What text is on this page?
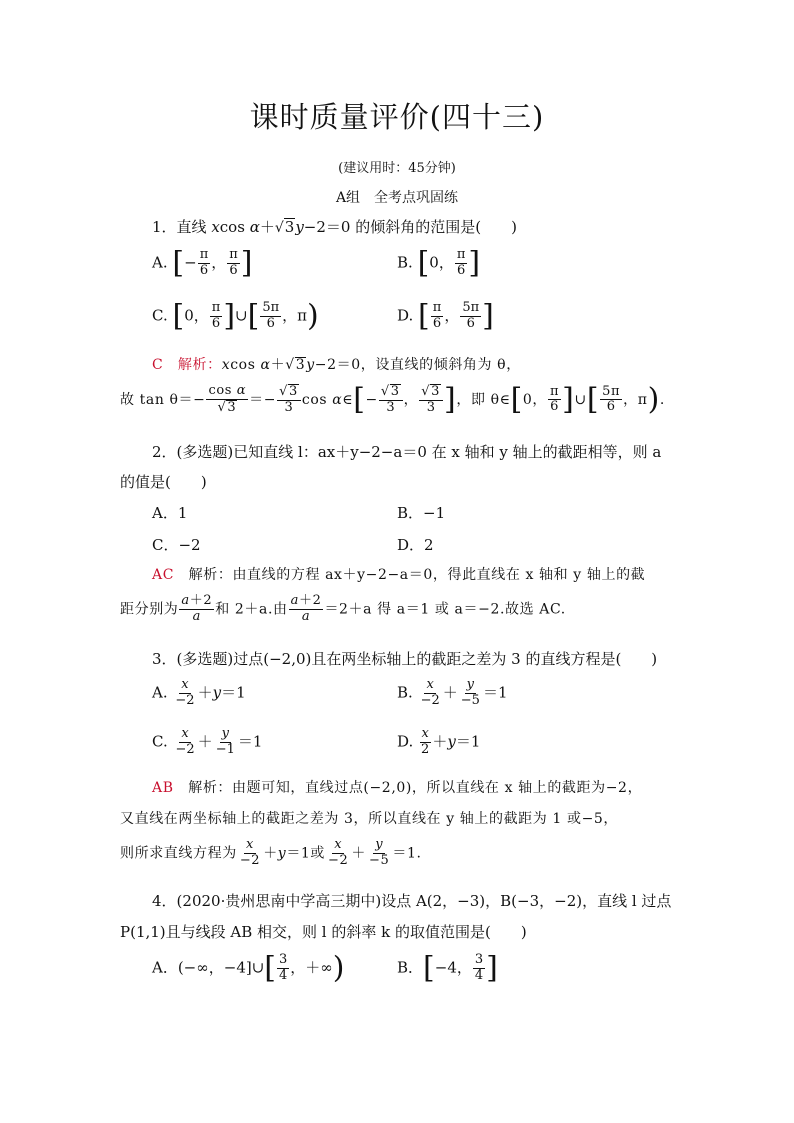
课时质量评价(四十三)
(建议用时：45分钟)
A组　全考点巩固练
1．直线 xcos α＋√3y−2＝0 的倾斜角的范围是(　　)
A. [− $\frac{\pi}{6}$ ， $\frac{\pi}{6}$ ]	B. [0， $\frac{\pi}{6}$ ]
C. [0， $\frac{\pi}{6}$ ]∪[ $\frac{5\pi}{6}$ ，π)	D. [ $\frac{\pi}{6}$ ， $\frac{5\pi}{6}$ ]
C　 解析：xcos α＋√3y−2＝0，设直线的倾斜角为 θ，
故 $\tan \theta=- \frac{\text{cos α}}{√3} =- \frac{√3}{3}$ cos α∈[− $\frac{√3}{3}$ ， $\frac{√3}{3}$ ]，即 θ∈[0， $\frac{\pi}{6}$ ]∪[ $\frac{5\pi}{6}$ ，π).
2．(多选题)已知直线 l：ax＋y−2−a＝0 在 x 轴和 y 轴上的截距相等，则 a
的值是(　　)
A．1	B．−1
C．−2	D．2
AC　 解析：由直线的方程 ax＋y−2−a＝0，得此直线在 x 轴和 y 轴上的截
距分别为 $\frac{a+2}{a}$ 和 2＋a.由 $\frac{a+2}{a} =2+a$ 得 a＝1 或 a＝−2.故选 AC.
3．(多选题)过点(−2,0)且在两坐标轴上的截距之差为 3 的直线方程是(　　)
A. $\frac{x}{-2} +y=1$	B. $\frac{x}{-2} + \frac{y}{-5} =1$
C. $\frac{x}{-2} + \frac{y}{-1} =1$	D. $\frac{x}{2} +y=1$
AB　 解析：由题可知，直线过点(−2,0)，所以直线在 x 轴上的截距为−2，
又直线在两坐标轴上的截距之差为 3，所以直线在 y 轴上的截距为 1 或−5，
则所求直线方程为 $\frac{x}{-2} +y=1$或 $\frac{x}{-2} + \frac{y}{-5} =1$.
4．(2020·贵州思南中学高三期中)设点 A(2，−3)，B(−3，−2)，直线 l 过点
P(1,1)且与线段 AB 相交，则 l 的斜率 k 的取值范围是(　　)
A．(−∞，−4]∪[ $\frac{3}{4}$ ，＋∞)	B．[−4， $\frac{3}{4}$ ]
